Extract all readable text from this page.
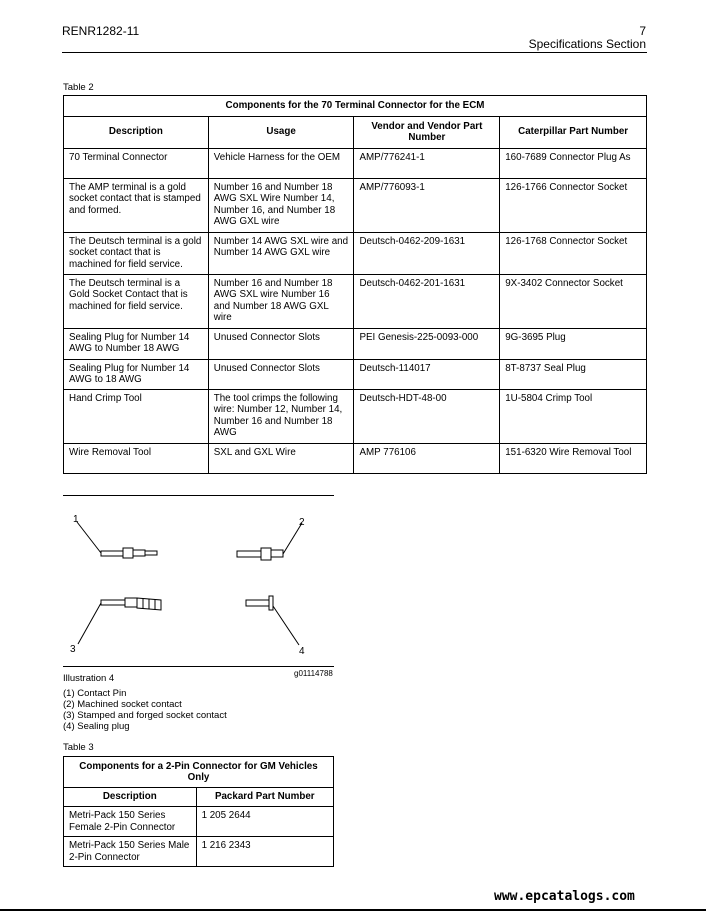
RENR1282-11	7
Specifications Section
Table 2
Components for the 70 Terminal Connector for the ECM			
Description	Usage	Vendor and Vendor Part Number	Caterpillar Part Number
70 Terminal Connector	Vehicle Harness for the OEM	AMP/776241-1	160-7689 Connector Plug As
The AMP terminal is a gold socket contact that is stamped and formed.	Number 16 and Number 18 AWG SXL Wire Number 14, Number 16, and Number 18 AWG GXL wire	AMP/776093-1	126-1766 Connector Socket
The Deutsch terminal is a gold socket contact that is machined for field service.	Number 14 AWG SXL wire and Number 14 AWG GXL wire	Deutsch-0462-209-1631	126-1768 Connector Socket
The Deutsch terminal is a Gold Socket Contact that is machined for field service.	Number 16 and Number 18 AWG SXL wire Number 16 and Number 18 AWG GXL wire	Deutsch-0462-201-1631	9X-3402 Connector Socket
Sealing Plug for Number 14 AWG to Number 18 AWG	Unused Connector Slots	PEI Genesis-225-0093-000	9G-3695 Plug
Sealing Plug for Number 14 AWG to 18 AWG	Unused Connector Slots	Deutsch-114017	8T-8737 Seal Plug
Hand Crimp Tool	The tool crimps the following wire: Number 12, Number 14, Number 16 and Number 18 AWG	Deutsch-HDT-48-00	1U-5804 Crimp Tool
Wire Removal Tool	SXL and GXL Wire	AMP 776106	151-6320 Wire Removal Tool
1	2
3	4
Illustration 4	g01114788
(1) Contact Pin
(2) Machined socket contact
(3) Stamped and forged socket contact
(4) Sealing plug
Table 3
Components for a 2-Pin Connector for GM Vehicles Only	
Description	Packard Part Number
Metri-Pack 150 Series Female 2-Pin Connector	1 205 2644
Metri-Pack 150 Series Male 2-Pin Connector	1 216 2343
www.epcatalogs.com
